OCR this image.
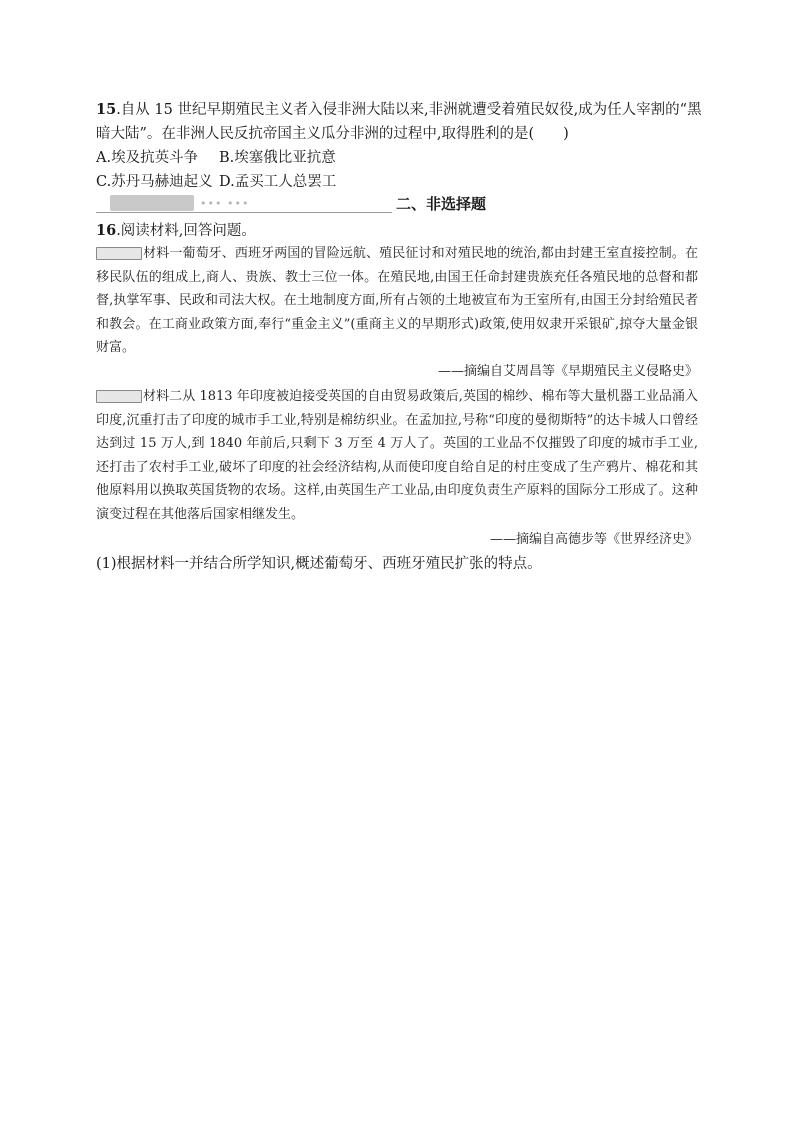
15.自从 15 世纪早期殖民主义者入侵非洲大陆以来,非洲就遭受着殖民奴役,成为任人宰割的“黑暗大陆”。在非洲人民反抗帝国主义瓜分非洲的过程中,取得胜利的是(　　)
A.埃及抗英斗争 B.埃塞俄比亚抗意
C.苏丹马赫迪起义 D.孟买工人总罢工
••• •••	二、非选择题
16.阅读材料,回答问题。
材料一葡萄牙、西班牙两国的冒险远航、殖民征讨和对殖民地的统治,都由封建王室直接控制。在移民队伍的组成上,商人、贵族、教士三位一体。在殖民地,由国王任命封建贵族充任各殖民地的总督和都督,执掌军事、民政和司法大权。在土地制度方面,所有占领的土地被宣布为王室所有,由国王分封给殖民者和教会。在工商业政策方面,奉行“重金主义”(重商主义的早期形式)政策,使用奴隶开采银矿,掠夺大量金银财富。
——摘编自艾周昌等《早期殖民主义侵略史》
材料二从 1813 年印度被迫接受英国的自由贸易政策后,英国的棉纱、棉布等大量机器工业品涌入印度,沉重打击了印度的城市手工业,特别是棉纺织业。在孟加拉,号称“印度的曼彻斯特”的达卡城人口曾经达到过 15 万人,到 1840 年前后,只剩下 3 万至 4 万人了。英国的工业品不仅摧毁了印度的城市手工业,还打击了农村手工业,破坏了印度的社会经济结构,从而使印度自给自足的村庄变成了生产鸦片、棉花和其他原料用以换取英国货物的农场。这样,由英国生产工业品,由印度负责生产原料的国际分工形成了。这种演变过程在其他落后国家相继发生。
——摘编自高德步等《世界经济史》
(1)根据材料一并结合所学知识,概述葡萄牙、西班牙殖民扩张的特点。
